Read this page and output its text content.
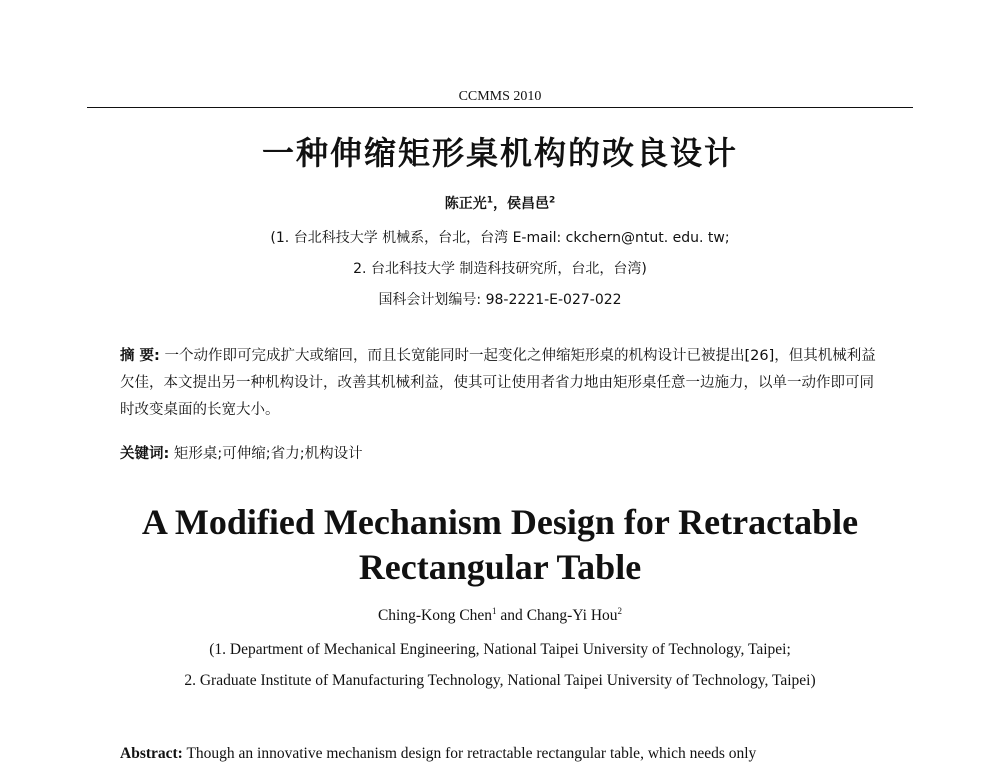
CCMMS 2010
一种伸缩矩形桌机构的改良设计
陈正光$^1$，侯昌邑$^2$
(1. 台北科技大学 机械系，台北，台湾 E-mail: ckchern@ntut. edu. tw;
2. 台北科技大学 制造科技研究所，台北，台湾)
国科会计划编号: 98-2221-E-027-022
摘 要: 一个动作即可完成扩大或缩回，而且长宽能同时一起变化之伸缩矩形桌的机构设计已被提出[26]，但其机械利益欠佳，本文提出另一种机构设计，改善其机械利益，使其可让使用者省力地由矩形桌任意一边施力，以单一动作即可同时改变桌面的长宽大小。
关键词: 矩形桌;可伸缩;省力;机构设计
A Modified Mechanism Design for Retractable
Rectangular Table
Ching-Kong Chen$^1$ and Chang-Yi Hou$^2$
(1. Department of Mechanical Engineering, National Taipei University of Technology, Taipei;
2. Graduate Institute of Manufacturing Technology, National Taipei University of Technology, Taipei)
Abstract: Though an innovative mechanism design for retractable rectangular table, which needs only
